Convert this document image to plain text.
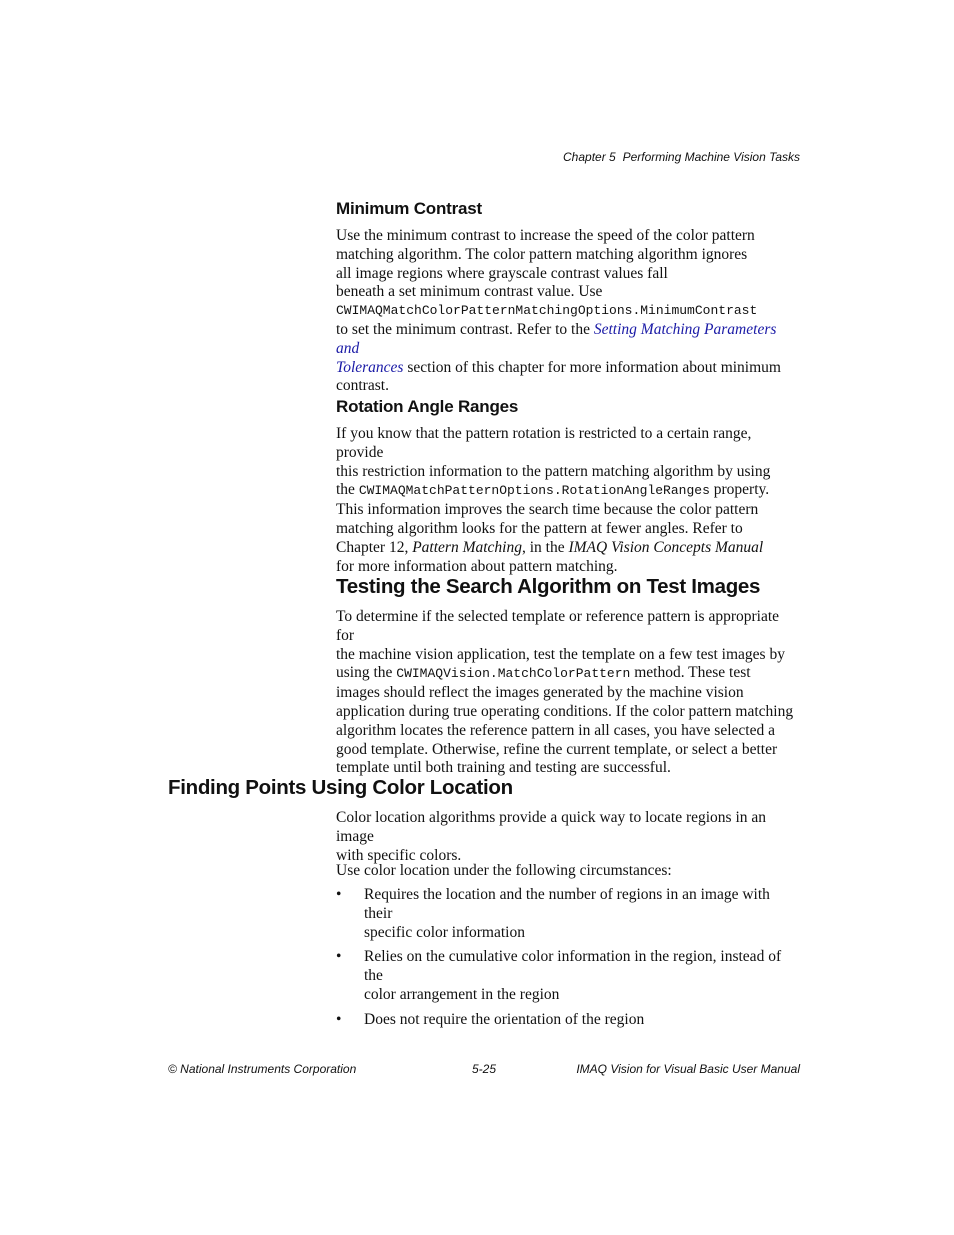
Chapter 5 Performing Machine Vision Tasks
Minimum Contrast
Use the minimum contrast to increase the speed of the color pattern
matching algorithm. The color pattern matching algorithm ignores
all image regions where grayscale contrast values fall
beneath a set minimum contrast value. Use
CWIMAQMatchColorPatternMatchingOptions.MinimumContrast
to set the minimum contrast. Refer to the Setting Matching Parameters and
Tolerances section of this chapter for more information about minimum
contrast.
Rotation Angle Ranges
If you know that the pattern rotation is restricted to a certain range, provide
this restriction information to the pattern matching algorithm by using
the CWIMAQMatchPatternOptions.RotationAngleRanges property.
This information improves the search time because the color pattern
matching algorithm looks for the pattern at fewer angles. Refer to
Chapter 12, Pattern Matching, in the IMAQ Vision Concepts Manual
for more information about pattern matching.
Testing the Search Algorithm on Test Images
To determine if the selected template or reference pattern is appropriate for
the machine vision application, test the template on a few test images by
using the CWIMAQVision.MatchColorPattern method. These test
images should reflect the images generated by the machine vision
application during true operating conditions. If the color pattern matching
algorithm locates the reference pattern in all cases, you have selected a
good template. Otherwise, refine the current template, or select a better
template until both training and testing are successful.
Finding Points Using Color Location
Color location algorithms provide a quick way to locate regions in an image
with specific colors.
Use color location under the following circumstances:
• Requires the location and the number of regions in an image with their
specific color information
• Relies on the cumulative color information in the region, instead of the
color arrangement in the region
• Does not require the orientation of the region
© National Instruments Corporation	5-25	IMAQ Vision for Visual Basic User Manual
